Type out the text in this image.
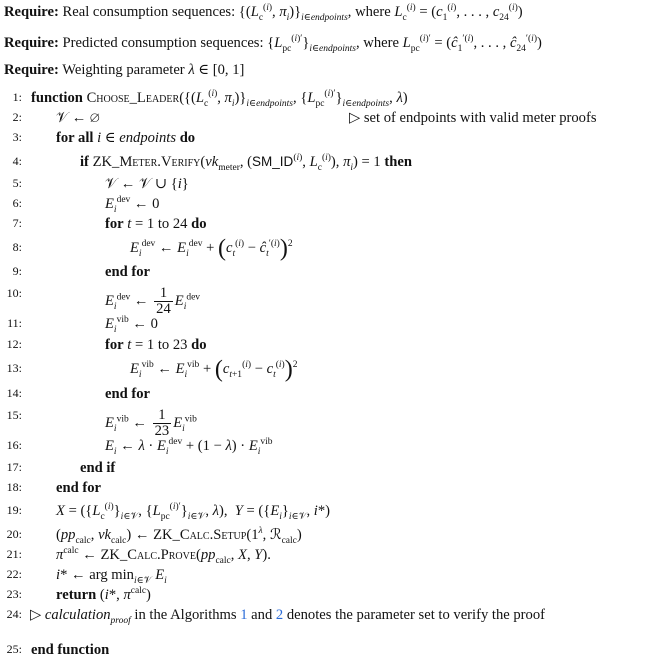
Require: Real consumption sequences: {($L_c^{(i)}$, $\pi_i)\}_{i\in endpoints}$, where $L_c^{(i)} = (c_1^{(i)}$, . . . , $c_{24}^{(i)}$)
Require: Predicted consumption sequences: $\{L_{pc}^{(i)'}\}_{i\in endpoints}$, where $L_{pc}^{(i)'}$ = ($ĉ_1^{'(i)}$, . . . , $ĉ_{24}^{'(i)}$)
Require: Weighting parameter λ ∈ [0, 1]
1: function $Choose\_Leader(\{(L_c^{(i)}$, $\pi_i)\}_{i\in endpoints}$, $\{L_{pc}^{(i)'}\}_{i\in endpoints}$, λ)
2: 𝒱 ← ∅	▷ set of endpoints with valid meter proofs
3: for all i ∈ endpoints do
4:	if $ZK\_Meter.Verify(vk_{meter}$, (SM_ID$^{(i)}$, $L_c^{(i)}$), $\pi_i) = 1$ then
5:	𝒱 ← 𝒱 ∪ {i}
6:	$E_i^{dev}$ ← 0
7:	for t = 1 to 24 do
8:	$E_i^{dev}$ ← $E_i^{dev} + (c_t^{(i)}$ − $ĉ_t^{'(i)})^2$
9:	end for
10:
$E_i^{dev}$ ← $\frac{1}{24} E_i^{dev}$
11:	$E_i^{vib}$ ← 0
12:	for t = 1 to 23 do
13:	$E_i^{vib}$ ← $E_i^{vib} + (c_{t+1}^{(i)} - c_t^{(i)})^2$
14:	end for
15:
$E_i^{vib}$ ← $\frac{1}{23} E_i^{vib}$
16:	$E_i$ ← $\lambda \cdot E_i^{dev} + (1 - \lambda) \cdot E_i^{vib}$
17:	end if
18: end for
19: $X = (\{L_c^{(i)}\}_{i\in 𝒱}$, $\{L_{pc}^{(i)'}\}_{i\in 𝒱}$, λ),  $Y = (\{E_i\}_{i\in 𝒱}$, i*)
20: ($pp_{calc}$, $vk_{calc}$) ← $ZK\_Calc.Setup(1^\lambda$, ℛ$_{calc}$)
21: $\pi^{calc}$ ← $ZK\_Calc.Prove(pp_{calc}$, X, Y).
22: i* ← arg $\min_{i\in 𝒱} E_i$
23: return (i*, $\pi^{calc}$)
24: ▷ calculation$_{proof}$ in the Algorithms 1 and 2 denotes the parameter set to verify the proof
25: end function
